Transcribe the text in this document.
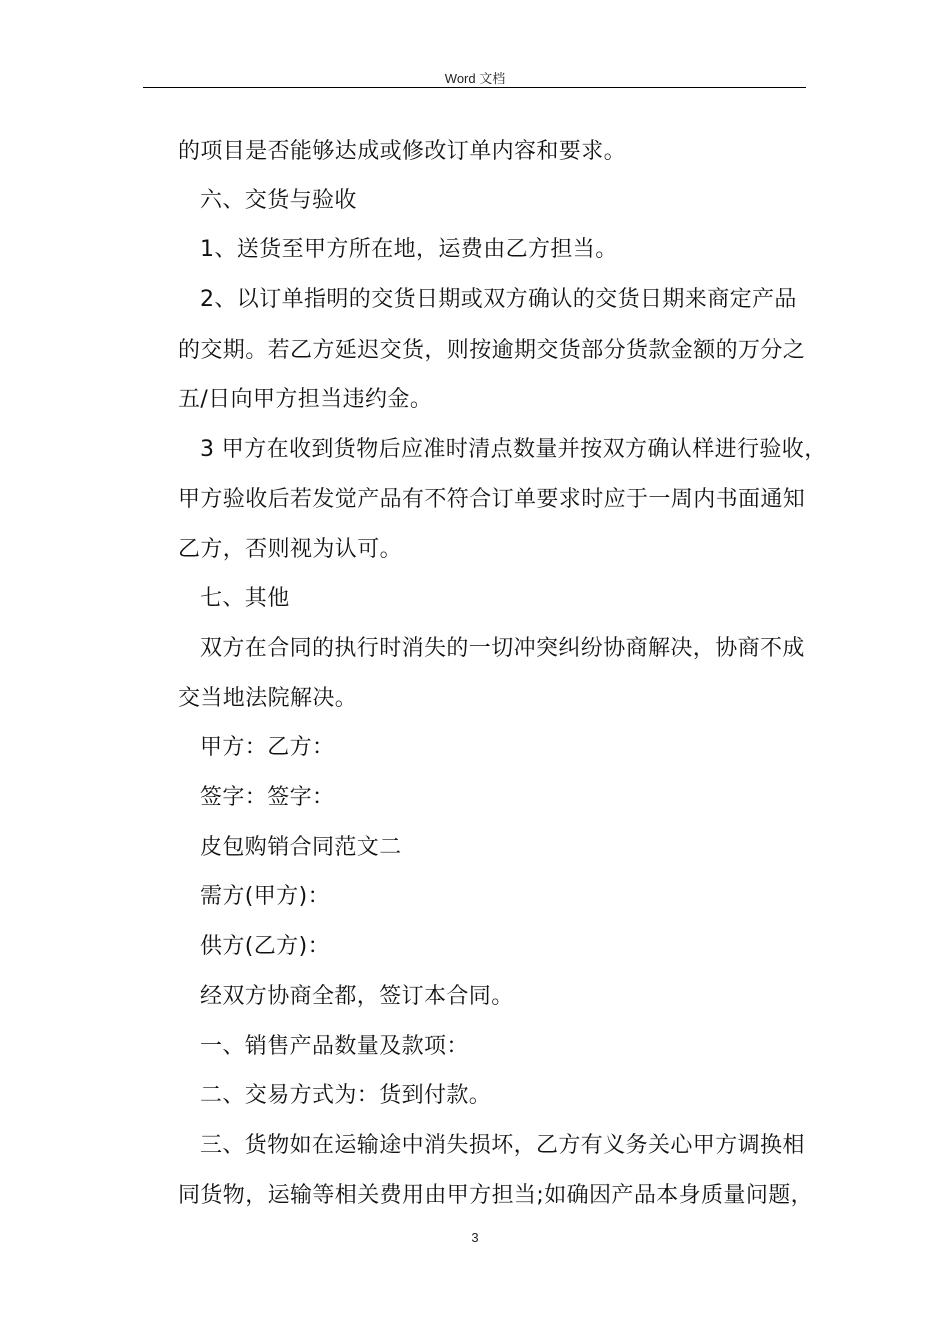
Word 文档
的项目是否能够达成或修改订单内容和要求。
六、交货与验收
1、送货至甲方所在地，运费由乙方担当。
2、以订单指明的交货日期或双方确认的交货日期来商定产品
的交期。若乙方延迟交货，则按逾期交货部分货款金额的万分之
五/日向甲方担当违约金。
3 甲方在收到货物后应准时清点数量并按双方确认样进行验收，
甲方验收后若发觉产品有不符合订单要求时应于一周内书面通知
乙方，否则视为认可。
七、其他
双方在合同的执行时消失的一切冲突纠纷协商解决，协商不成
交当地法院解决。
甲方：乙方：
签字：签字：
皮包购销合同范文二
需方(甲方)：
供方(乙方)：
经双方协商全都，签订本合同。
一、销售产品数量及款项：
二、交易方式为：货到付款。
三、货物如在运输途中消失损坏，乙方有义务关心甲方调换相
同货物，运输等相关费用由甲方担当;如确因产品本身质量问题，
3
